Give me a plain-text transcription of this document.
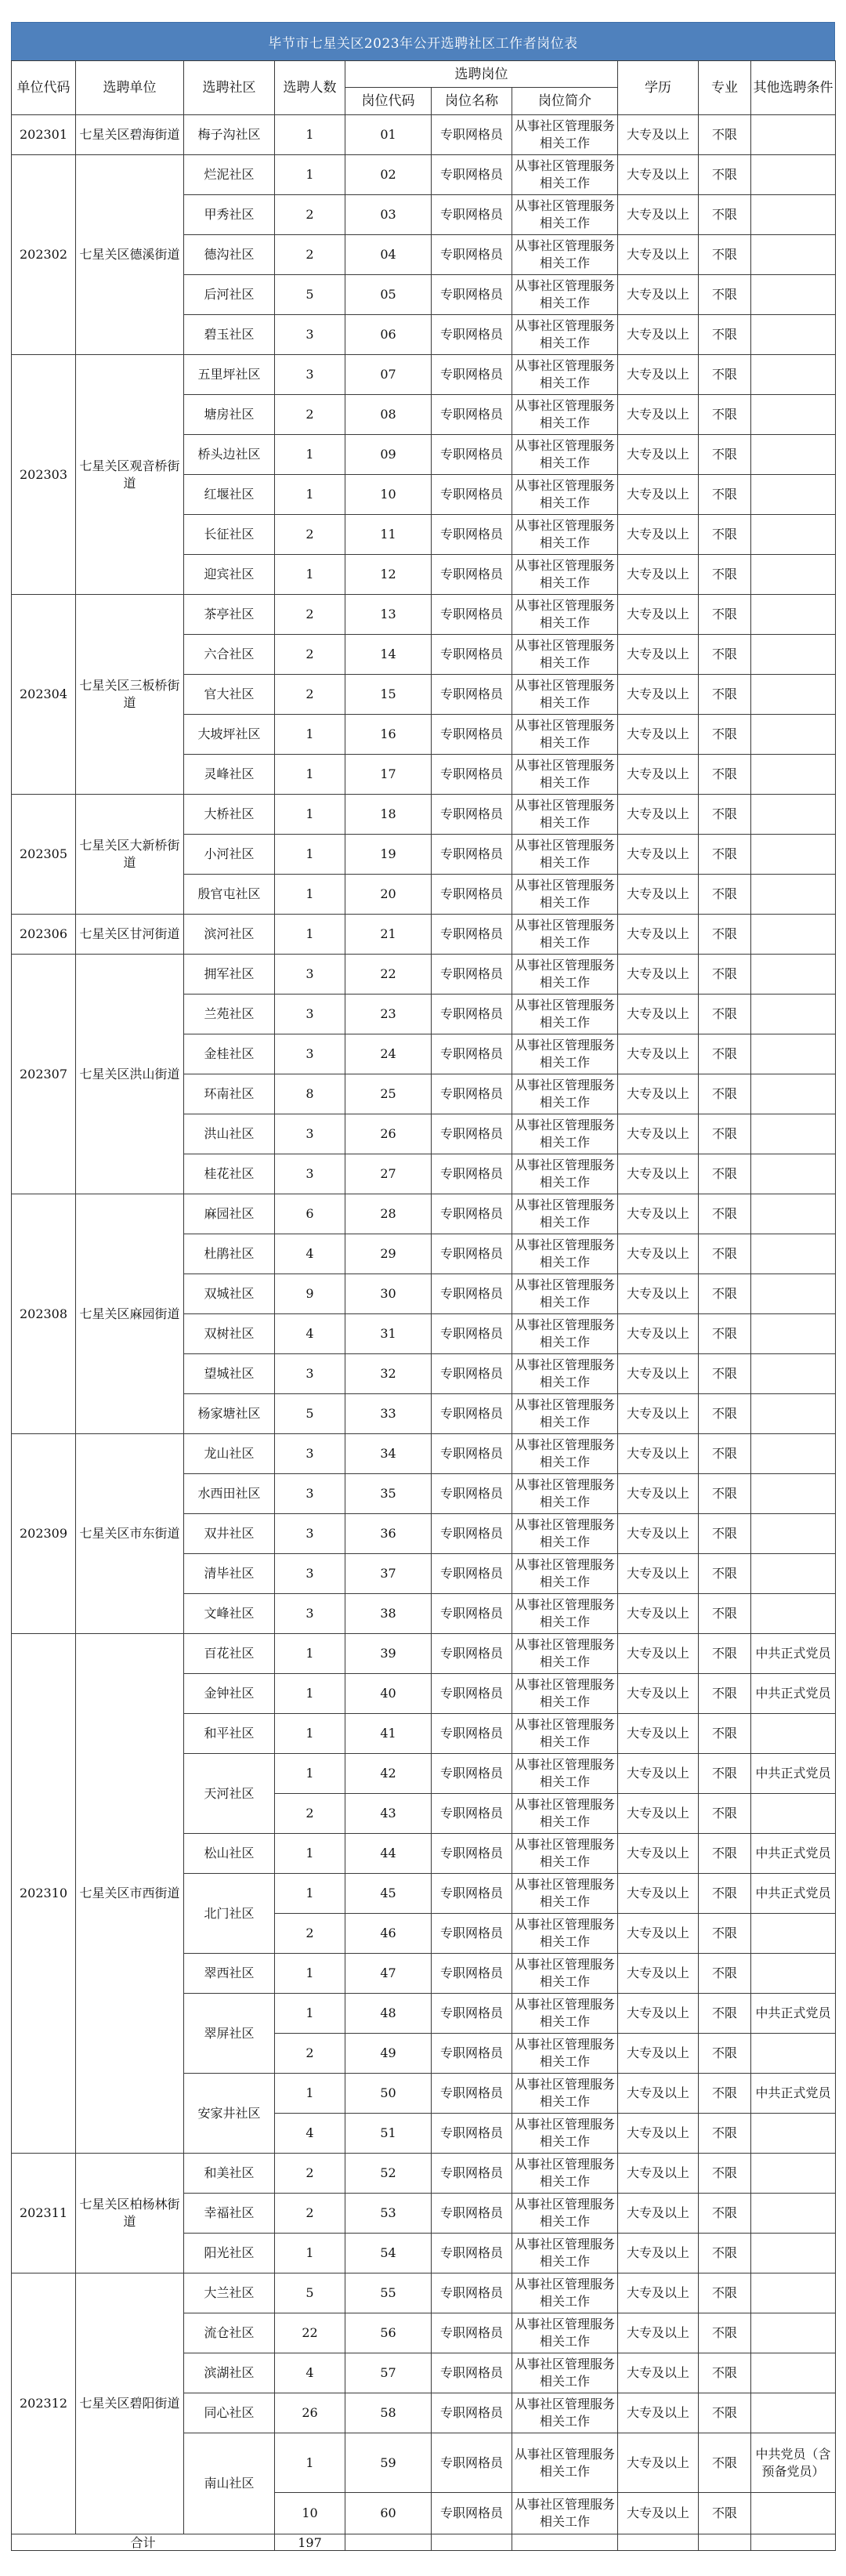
毕节市七星关区2023年公开选聘社区工作者岗位表
单位代码	选聘单位	选聘社区	选聘人数	选聘岗位			学历	专业	其他选聘条件
				岗位代码	岗位名称	岗位简介			
202301	七星关区碧海街道	梅子沟社区	1	01	专职网格员	从事社区管理服务相关工作	大专及以上	不限	
202302	七星关区德溪街道	烂泥社区	1	02	专职网格员	从事社区管理服务相关工作	大专及以上	不限	
		甲秀社区	2	03	专职网格员	从事社区管理服务相关工作	大专及以上	不限	
		德沟社区	2	04	专职网格员	从事社区管理服务相关工作	大专及以上	不限	
		后河社区	5	05	专职网格员	从事社区管理服务相关工作	大专及以上	不限	
		碧玉社区	3	06	专职网格员	从事社区管理服务相关工作	大专及以上	不限	
202303	七星关区观音桥街道	五里坪社区	3	07	专职网格员	从事社区管理服务相关工作	大专及以上	不限	
		塘房社区	2	08	专职网格员	从事社区管理服务相关工作	大专及以上	不限	
		桥头边社区	1	09	专职网格员	从事社区管理服务相关工作	大专及以上	不限	
		红堰社区	1	10	专职网格员	从事社区管理服务相关工作	大专及以上	不限	
		长征社区	2	11	专职网格员	从事社区管理服务相关工作	大专及以上	不限	
		迎宾社区	1	12	专职网格员	从事社区管理服务相关工作	大专及以上	不限	
202304	七星关区三板桥街道	茶亭社区	2	13	专职网格员	从事社区管理服务相关工作	大专及以上	不限	
		六合社区	2	14	专职网格员	从事社区管理服务相关工作	大专及以上	不限	
		官大社区	2	15	专职网格员	从事社区管理服务相关工作	大专及以上	不限	
		大坡坪社区	1	16	专职网格员	从事社区管理服务相关工作	大专及以上	不限	
		灵峰社区	1	17	专职网格员	从事社区管理服务相关工作	大专及以上	不限	
202305	七星关区大新桥街道	大桥社区	1	18	专职网格员	从事社区管理服务相关工作	大专及以上	不限	
		小河社区	1	19	专职网格员	从事社区管理服务相关工作	大专及以上	不限	
		殷官屯社区	1	20	专职网格员	从事社区管理服务相关工作	大专及以上	不限	
202306	七星关区甘河街道	滨河社区	1	21	专职网格员	从事社区管理服务相关工作	大专及以上	不限	
202307	七星关区洪山街道	拥军社区	3	22	专职网格员	从事社区管理服务相关工作	大专及以上	不限	
		兰苑社区	3	23	专职网格员	从事社区管理服务相关工作	大专及以上	不限	
		金桂社区	3	24	专职网格员	从事社区管理服务相关工作	大专及以上	不限	
		环南社区	8	25	专职网格员	从事社区管理服务相关工作	大专及以上	不限	
		洪山社区	3	26	专职网格员	从事社区管理服务相关工作	大专及以上	不限	
		桂花社区	3	27	专职网格员	从事社区管理服务相关工作	大专及以上	不限	
202308	七星关区麻园街道	麻园社区	6	28	专职网格员	从事社区管理服务相关工作	大专及以上	不限	
		杜鹃社区	4	29	专职网格员	从事社区管理服务相关工作	大专及以上	不限	
		双城社区	9	30	专职网格员	从事社区管理服务相关工作	大专及以上	不限	
		双树社区	4	31	专职网格员	从事社区管理服务相关工作	大专及以上	不限	
		望城社区	3	32	专职网格员	从事社区管理服务相关工作	大专及以上	不限	
		杨家塘社区	5	33	专职网格员	从事社区管理服务相关工作	大专及以上	不限	
202309	七星关区市东街道	龙山社区	3	34	专职网格员	从事社区管理服务相关工作	大专及以上	不限	
		水西田社区	3	35	专职网格员	从事社区管理服务相关工作	大专及以上	不限	
		双井社区	3	36	专职网格员	从事社区管理服务相关工作	大专及以上	不限	
		清毕社区	3	37	专职网格员	从事社区管理服务相关工作	大专及以上	不限	
		文峰社区	3	38	专职网格员	从事社区管理服务相关工作	大专及以上	不限	
202310	七星关区市西街道	百花社区	1	39	专职网格员	从事社区管理服务相关工作	大专及以上	不限	中共正式党员
		金钟社区	1	40	专职网格员	从事社区管理服务相关工作	大专及以上	不限	中共正式党员
		和平社区	1	41	专职网格员	从事社区管理服务相关工作	大专及以上	不限	
		天河社区	1	42	专职网格员	从事社区管理服务相关工作	大专及以上	不限	中共正式党员
			2	43	专职网格员	从事社区管理服务相关工作	大专及以上	不限	
		松山社区	1	44	专职网格员	从事社区管理服务相关工作	大专及以上	不限	中共正式党员
		北门社区	1	45	专职网格员	从事社区管理服务相关工作	大专及以上	不限	中共正式党员
			2	46	专职网格员	从事社区管理服务相关工作	大专及以上	不限	
		翠西社区	1	47	专职网格员	从事社区管理服务相关工作	大专及以上	不限	
		翠屏社区	1	48	专职网格员	从事社区管理服务相关工作	大专及以上	不限	中共正式党员
			2	49	专职网格员	从事社区管理服务相关工作	大专及以上	不限	
		安家井社区	1	50	专职网格员	从事社区管理服务相关工作	大专及以上	不限	中共正式党员
			4	51	专职网格员	从事社区管理服务相关工作	大专及以上	不限	
202311	七星关区柏杨林街道	和美社区	2	52	专职网格员	从事社区管理服务相关工作	大专及以上	不限	
		幸福社区	2	53	专职网格员	从事社区管理服务相关工作	大专及以上	不限	
		阳光社区	1	54	专职网格员	从事社区管理服务相关工作	大专及以上	不限	
202312	七星关区碧阳街道	大兰社区	5	55	专职网格员	从事社区管理服务相关工作	大专及以上	不限	
		流仓社区	22	56	专职网格员	从事社区管理服务相关工作	大专及以上	不限	
		滨湖社区	4	57	专职网格员	从事社区管理服务相关工作	大专及以上	不限	
		同心社区	26	58	专职网格员	从事社区管理服务相关工作	大专及以上	不限	
		南山社区	1	59	专职网格员	从事社区管理服务相关工作	大专及以上	不限	中共党员（含预备党员）
			10	60	专职网格员	从事社区管理服务相关工作	大专及以上	不限	
合计			197						
